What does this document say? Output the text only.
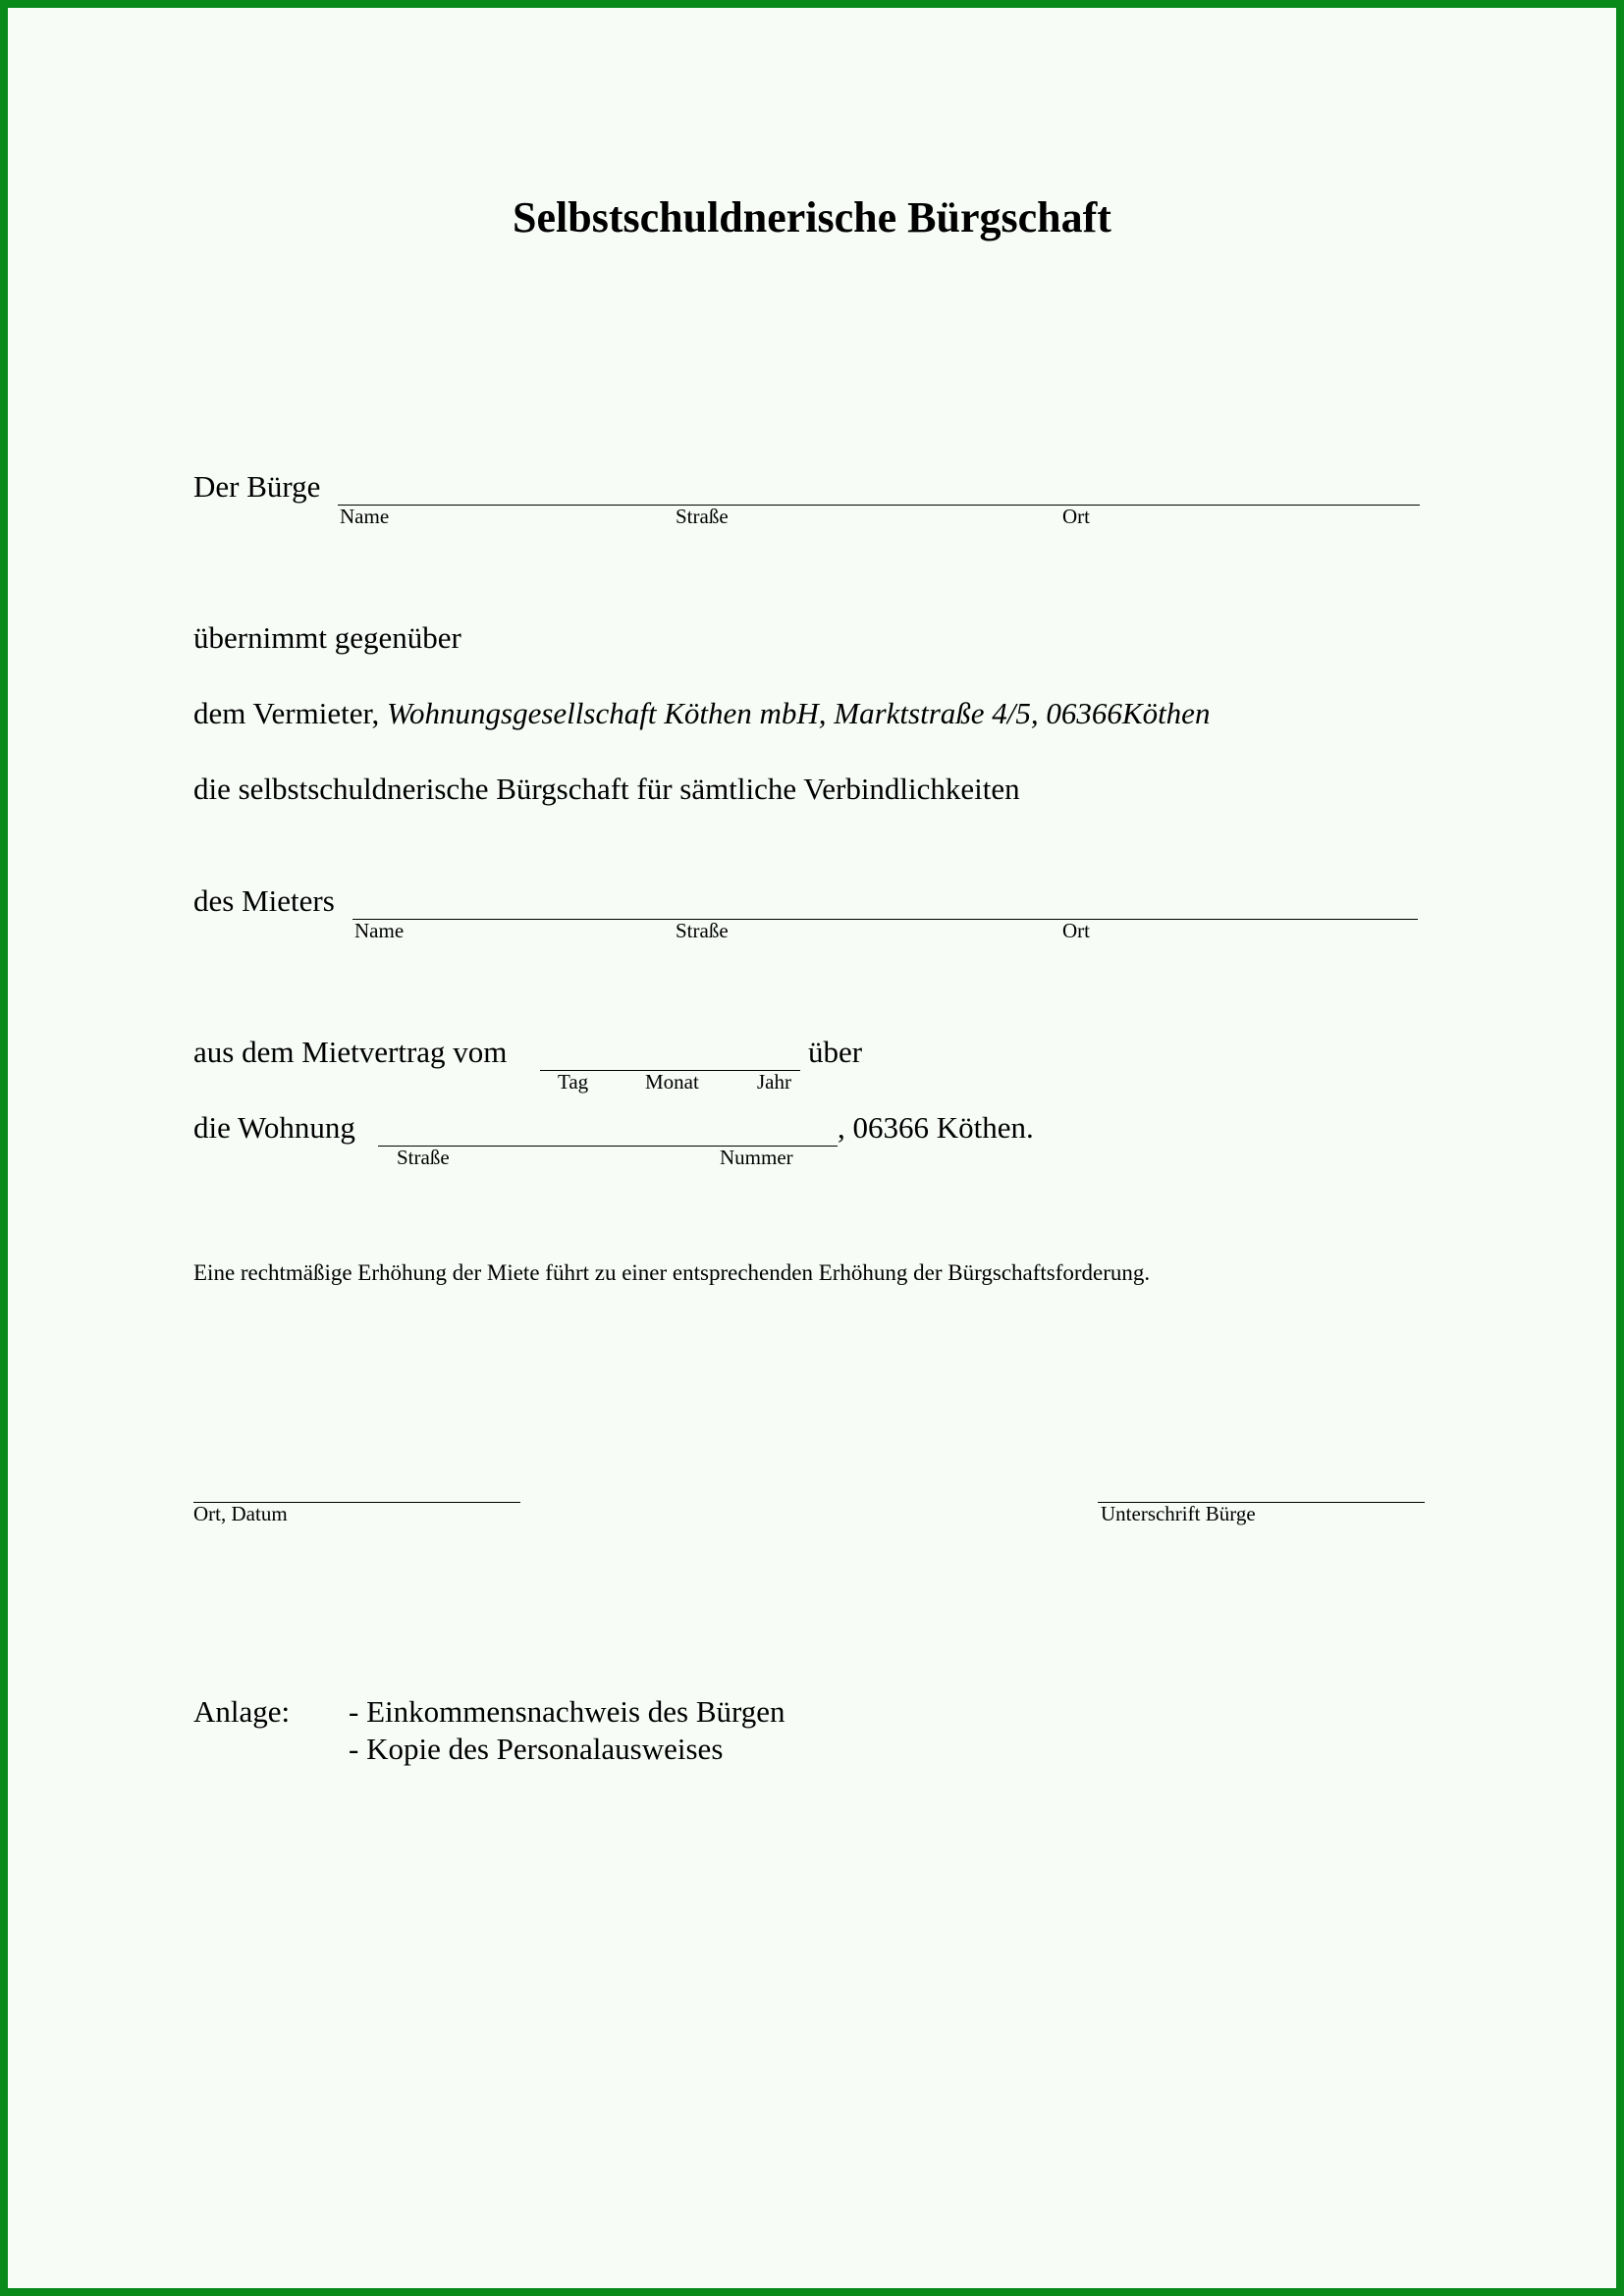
Selbstschuldnerische Bürgschaft
Der Bürge
Name	Straße	Ort
übernimmt gegenüber
dem Vermieter, Wohnungsgesellschaft Köthen mbH, Marktstraße 4/5, 06366Köthen
die selbstschuldnerische Bürgschaft für sämtliche Verbindlichkeiten
des Mieters
Name	Straße	Ort
aus dem Mietvertrag vom	über
Tag	Monat	Jahr
die Wohnung	, 06366 Köthen.
Straße	Nummer
Eine rechtmäßige Erhöhung der Miete führt zu einer entsprechenden Erhöhung der Bürgschaftsforderung.
Ort, Datum	Unterschrift Bürge
Anlage: - Einkommensnachweis des Bürgen
- Kopie des Personalausweises
